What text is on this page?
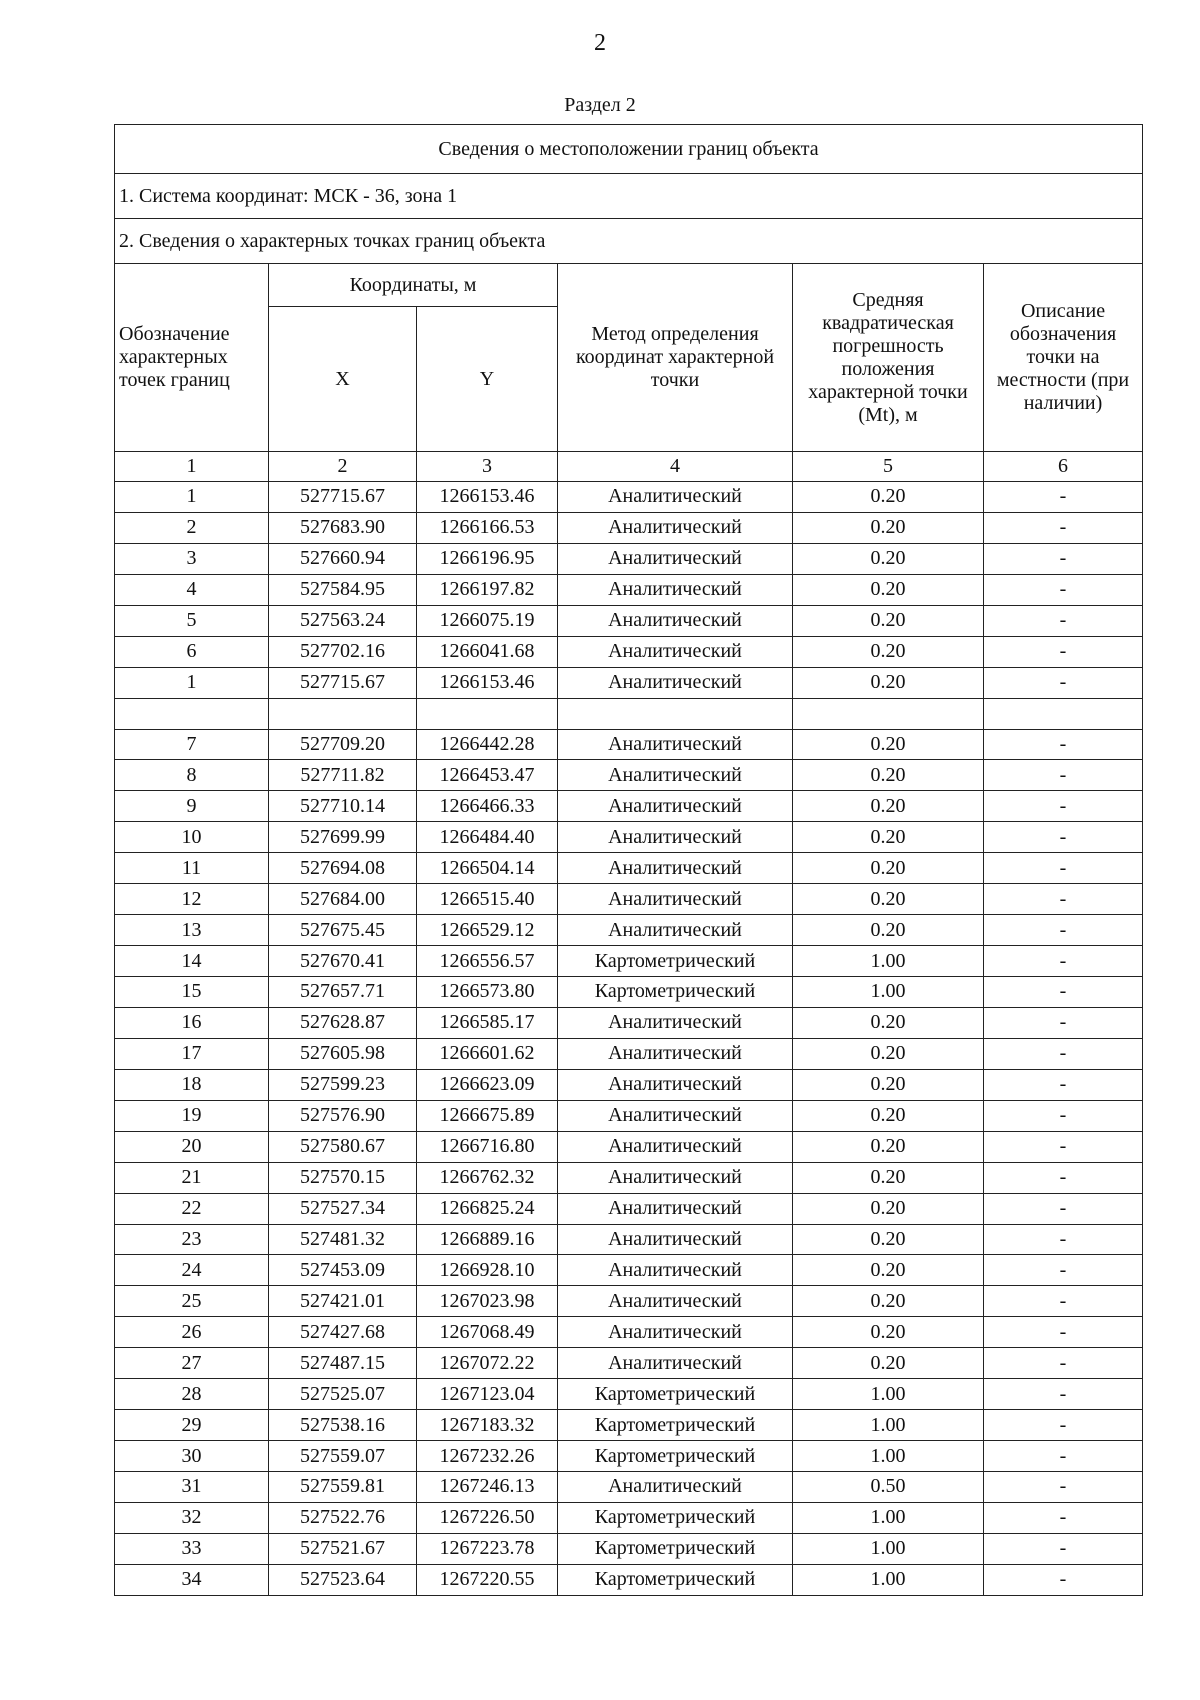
2
Раздел 2
Сведения о местоположении границ объекта					
1. Система координат: МСК - 36, зона 1					
2. Сведения о характерных точках границ объекта					
Обозначение характерных точек границ	Координаты, м		Метод определения координат характерной точки	Средняя квадратическая погрешность положения характерной точки (Mt), м	Описание обозначения точки на местности (при наличии)
	X	Y			
1	2	3	4	5	6
1	527715.67	1266153.46	Аналитический	0.20	-
2	527683.90	1266166.53	Аналитический	0.20	-
3	527660.94	1266196.95	Аналитический	0.20	-
4	527584.95	1266197.82	Аналитический	0.20	-
5	527563.24	1266075.19	Аналитический	0.20	-
6	527702.16	1266041.68	Аналитический	0.20	-
1	527715.67	1266153.46	Аналитический	0.20	-

7	527709.20	1266442.28	Аналитический	0.20	-
8	527711.82	1266453.47	Аналитический	0.20	-
9	527710.14	1266466.33	Аналитический	0.20	-
10	527699.99	1266484.40	Аналитический	0.20	-
11	527694.08	1266504.14	Аналитический	0.20	-
12	527684.00	1266515.40	Аналитический	0.20	-
13	527675.45	1266529.12	Аналитический	0.20	-
14	527670.41	1266556.57	Картометрический	1.00	-
15	527657.71	1266573.80	Картометрический	1.00	-
16	527628.87	1266585.17	Аналитический	0.20	-
17	527605.98	1266601.62	Аналитический	0.20	-
18	527599.23	1266623.09	Аналитический	0.20	-
19	527576.90	1266675.89	Аналитический	0.20	-
20	527580.67	1266716.80	Аналитический	0.20	-
21	527570.15	1266762.32	Аналитический	0.20	-
22	527527.34	1266825.24	Аналитический	0.20	-
23	527481.32	1266889.16	Аналитический	0.20	-
24	527453.09	1266928.10	Аналитический	0.20	-
25	527421.01	1267023.98	Аналитический	0.20	-
26	527427.68	1267068.49	Аналитический	0.20	-
27	527487.15	1267072.22	Аналитический	0.20	-
28	527525.07	1267123.04	Картометрический	1.00	-
29	527538.16	1267183.32	Картометрический	1.00	-
30	527559.07	1267232.26	Картометрический	1.00	-
31	527559.81	1267246.13	Аналитический	0.50	-
32	527522.76	1267226.50	Картометрический	1.00	-
33	527521.67	1267223.78	Картометрический	1.00	-
34	527523.64	1267220.55	Картометрический	1.00	-
